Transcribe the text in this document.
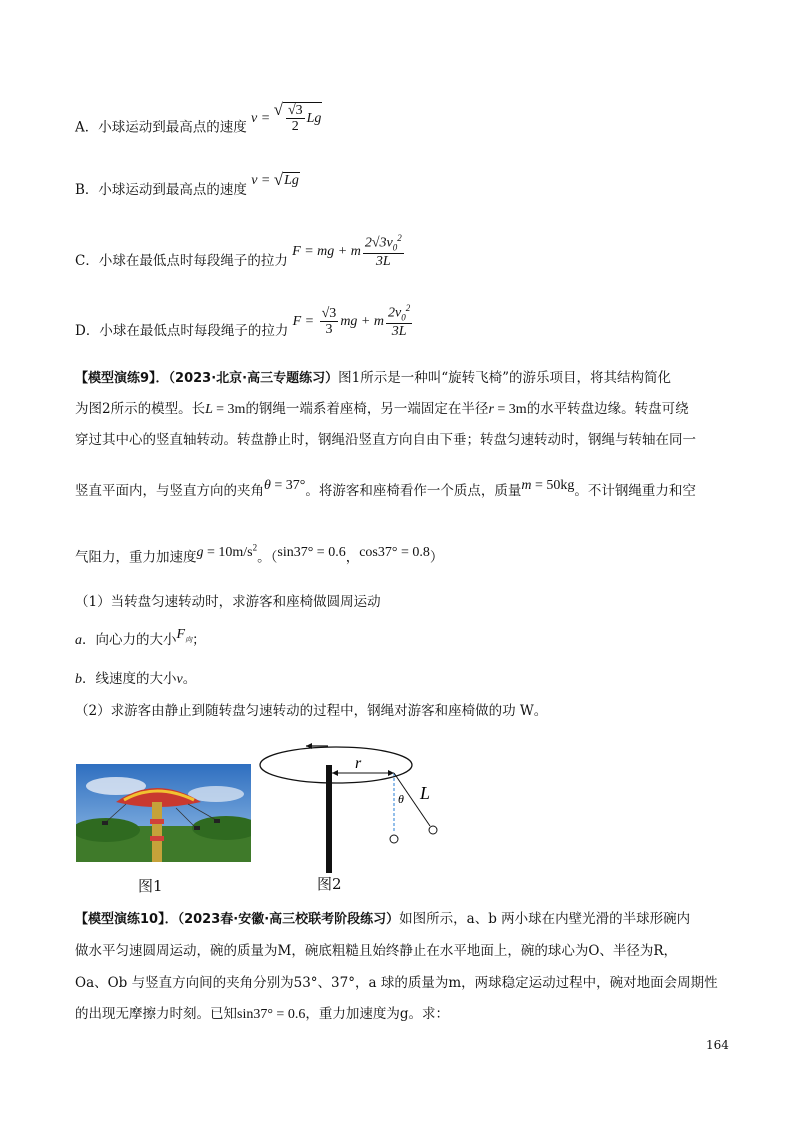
A．小球运动到最高点的速度 v = √ $\frac{√3}{2}$ Lg
B．小球运动到最高点的速度 v = √ Lg
C．小球在最低点时每段绳子的拉力 F = mg + m $\frac{2√3v_0^2}{3L}$
D．小球在最低点时每段绳子的拉力 $F = \frac{√3}{3}$ mg + m $\frac{2v_0^2}{3L}$
【模型演练9】．（2023·北京·高三专题练习）图1所示是一种叫“旋转飞椅”的游乐项目，将其结构简化
为图2所示的模型。长L = 3m的钢绳一端系着座椅，另一端固定在半径r = 3m的水平转盘边缘。转盘可绕
穿过其中心的竖直轴转动。转盘静止时，钢绳沿竖直方向自由下垂；转盘匀速转动时，钢绳与转轴在同一
竖直平面内，与竖直方向的夹角θ = 37°。将游客和座椅看作一个质点，质量m = 50kg。不计钢绳重力和空
气阻力，重力加速度$g = 10m/s^2$。（sin37° = 0.6，cos37° = 0.8）
（1）当转盘匀速转动时，求游客和座椅做圆周运动
a．向心力的大小$F_向$；
b．线速度的大小v。
（2）求游客由静止到随转盘匀速转动的过程中，钢绳对游客和座椅做的功 W。
图1
r
θ L
图2
【模型演练10】．（2023春·安徽·高三校联考阶段练习）如图所示，a、b 两小球在内壁光滑的半球形碗内
做水平匀速圆周运动，碗的质量为M，碗底粗糙且始终静止在水平地面上，碗的球心为O、半径为R，
Oa、Ob 与竖直方向间的夹角分别为53°、37°，a 球的质量为m，两球稳定运动过程中，碗对地面会周期性
的出现无摩擦力时刻。已知sin37° = 0.6，重力加速度为g。求：
164
